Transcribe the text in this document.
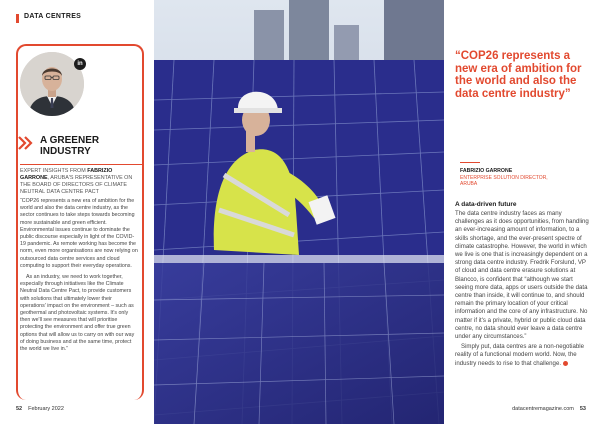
DATA CENTRES
in
A GREENER INDUSTRY
EXPERT INSIGHTS FROM FABRIZIO GARRONE, ARUBA'S REPRESENTATIVE ON THE BOARD OF DIRECTORS OF CLIMATE NEUTRAL DATA CENTRE PACT

“COP26 represents a new era of ambition for the world and also the data centre industry, as the sector continues to take steps towards becoming more sustainable and green efficient. Environmental issues continue to dominate the public discourse especially in light of the COVID-19 pandemic. As remote working has become the norm, even more organisations are now relying on outsourced data centre services and cloud computing to support their everyday operations.

As an industry, we need to work together, especially through initiatives like the Climate Neutral Data Centre Pact, to provide customers with solutions that ultimately lower their operations' impact on the environment – such as geothermal and photovoltaic systems. It's only then we'll see measures that will prioritise protecting the environment and offer true green options that will allow us to carry on with our way of doing business and at the same time, protect the world we live in.”

52 February 2022
“COP26 represents a new era of ambition for the world and also the data centre industry”
FABRIZIO GARRONE
ENTERPRISE SOLUTION DIRECTOR, ARUBA
A data-driven future

The data centre industry faces as many challenges as it does opportunities, from handling an ever-increasing amount of information, to a skills shortage, and the ever-present spectre of climate catastrophe. However, the world in which we live is one that is increasingly dependent on a strong data centre industry. Fredrik Forslund, VP of cloud and data centre erasure solutions at Blancco, is confident that “although we start seeing more data, apps or users outside the data centre than inside, it will continue to, and should remain the primary location of your critical information and the core of any infrastructure. No matter if it's a private, hybrid or public cloud data centre, no data should ever leave a data centre under any circumstances.”

Simply put, data centres are a non-negotiable reality of a functional modern world. Now, the industry needs to rise to that challenge.

datacentremagazine.com 53
